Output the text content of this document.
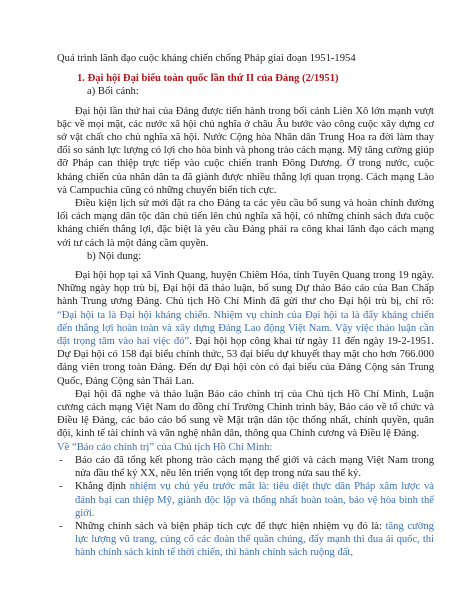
Quá trình lãnh đạo cuộc kháng chiến chống Pháp giai đoạn 1951-1954

1. Đại hội Đại biểu toàn quốc lần thứ II của Đảng (2/1951)

a) Bối cảnh:

Đại hội lần thứ hai của Đảng được tiến hành trong bối cảnh Liên Xô lớn mạnh vượt bậc về mọi mặt, các nước xã hội chủ nghĩa ở châu Âu bước vào công cuộc xây dựng cơ sở vật chất cho chủ nghĩa xã hội. Nước Cộng hòa Nhân dân Trung Hoa ra đời làm thay đổi so sánh lực lượng có lợi cho hòa bình và phong trào cách mạng. Mỹ tăng cường giúp đỡ Pháp can thiệp trực tiếp vào cuộc chiến tranh Đông Dương. Ở trong nước, cuộc kháng chiến của nhân dân ta đã giành được nhiều thắng lợi quan trọng. Cách mạng Lào và Campuchia cũng có những chuyển biến tích cực.

Điều kiện lịch sử mới đặt ra cho Đảng ta các yêu cầu bổ sung và hoàn chỉnh đường lối cách mạng dân tộc dân chủ tiến lên chủ nghĩa xã hội, có những chính sách đưa cuộc kháng chiến thắng lợi, đặc biệt là yêu cầu Đảng phải ra công khai lãnh đạo cách mạng với tư cách là một đảng cầm quyền.

b) Nội dung:

Đại hội họp tại xã Vinh Quang, huyện Chiêm Hóa, tỉnh Tuyên Quang trong 19 ngày. Những ngày họp trù bị, Đại hội đã thảo luận, bổ sung Dự thảo Báo cáo của Ban Chấp hành Trung ương Đảng. Chủ tịch Hồ Chí Minh đã gửi thư cho Đại hội trù bị, chỉ rõ: “Đại hội ta là Đại hội kháng chiến. Nhiệm vụ chính của Đại hội ta là đẩy kháng chiến đến thắng lợi hoàn toàn và xây dựng Đảng Lao động Việt Nam. Vậy việc thảo luận cần đặt trọng tâm vào hai việc đó”. Đại hội họp công khai từ ngày 11 đến ngày 19-2-1951. Dự Đại hội có 158 đại biểu chính thức, 53 đại biểu dự khuyết thay mặt cho hơn 766.000 đảng viên trong toàn Đảng. Đến dự Đại hội còn có đại biểu của Đảng Cộng sản Trung Quốc, Đảng Cộng sản Thái Lan.

Đại hội đã nghe và thảo luận Báo cáo chính trị của Chủ tịch Hồ Chí Minh, Luận cương cách mạng Việt Nam do đồng chí Trường Chinh trình bày, Báo cáo về tổ chức và Điều lệ Đảng, các báo cáo bổ sung về Mặt trận dân tộc thống nhất, chính quyền, quân đội, kinh tế tài chính và văn nghệ nhân dân, thông qua Chính cương và Điều lệ Đảng.

Về “Báo cáo chính trị” của Chủ tịch Hồ Chí Minh:

- Báo cáo đã tổng kết phong trào cách mạng thế giới và cách mạng Việt Nam trong nửa đầu thế kỷ XX, nêu lên triển vọng tốt đẹp trong nửa sau thế kỷ.
- Khẳng định nhiệm vụ chủ yếu trước mắt là: tiêu diệt thực dân Pháp xâm lược và đánh bại can thiệp Mỹ, giành độc lập và thống nhất hoàn toàn, bảo vệ hòa bình thế giới.
- Những chính sách và biện pháp tích cực để thực hiện nhiệm vụ đó là: tăng cường lực lượng vũ trang, củng cố các đoàn thể quần chúng, đẩy mạnh thi đua ái quốc, thi hành chính sách kinh tế thời chiến, thi hành chính sách ruộng đất,
